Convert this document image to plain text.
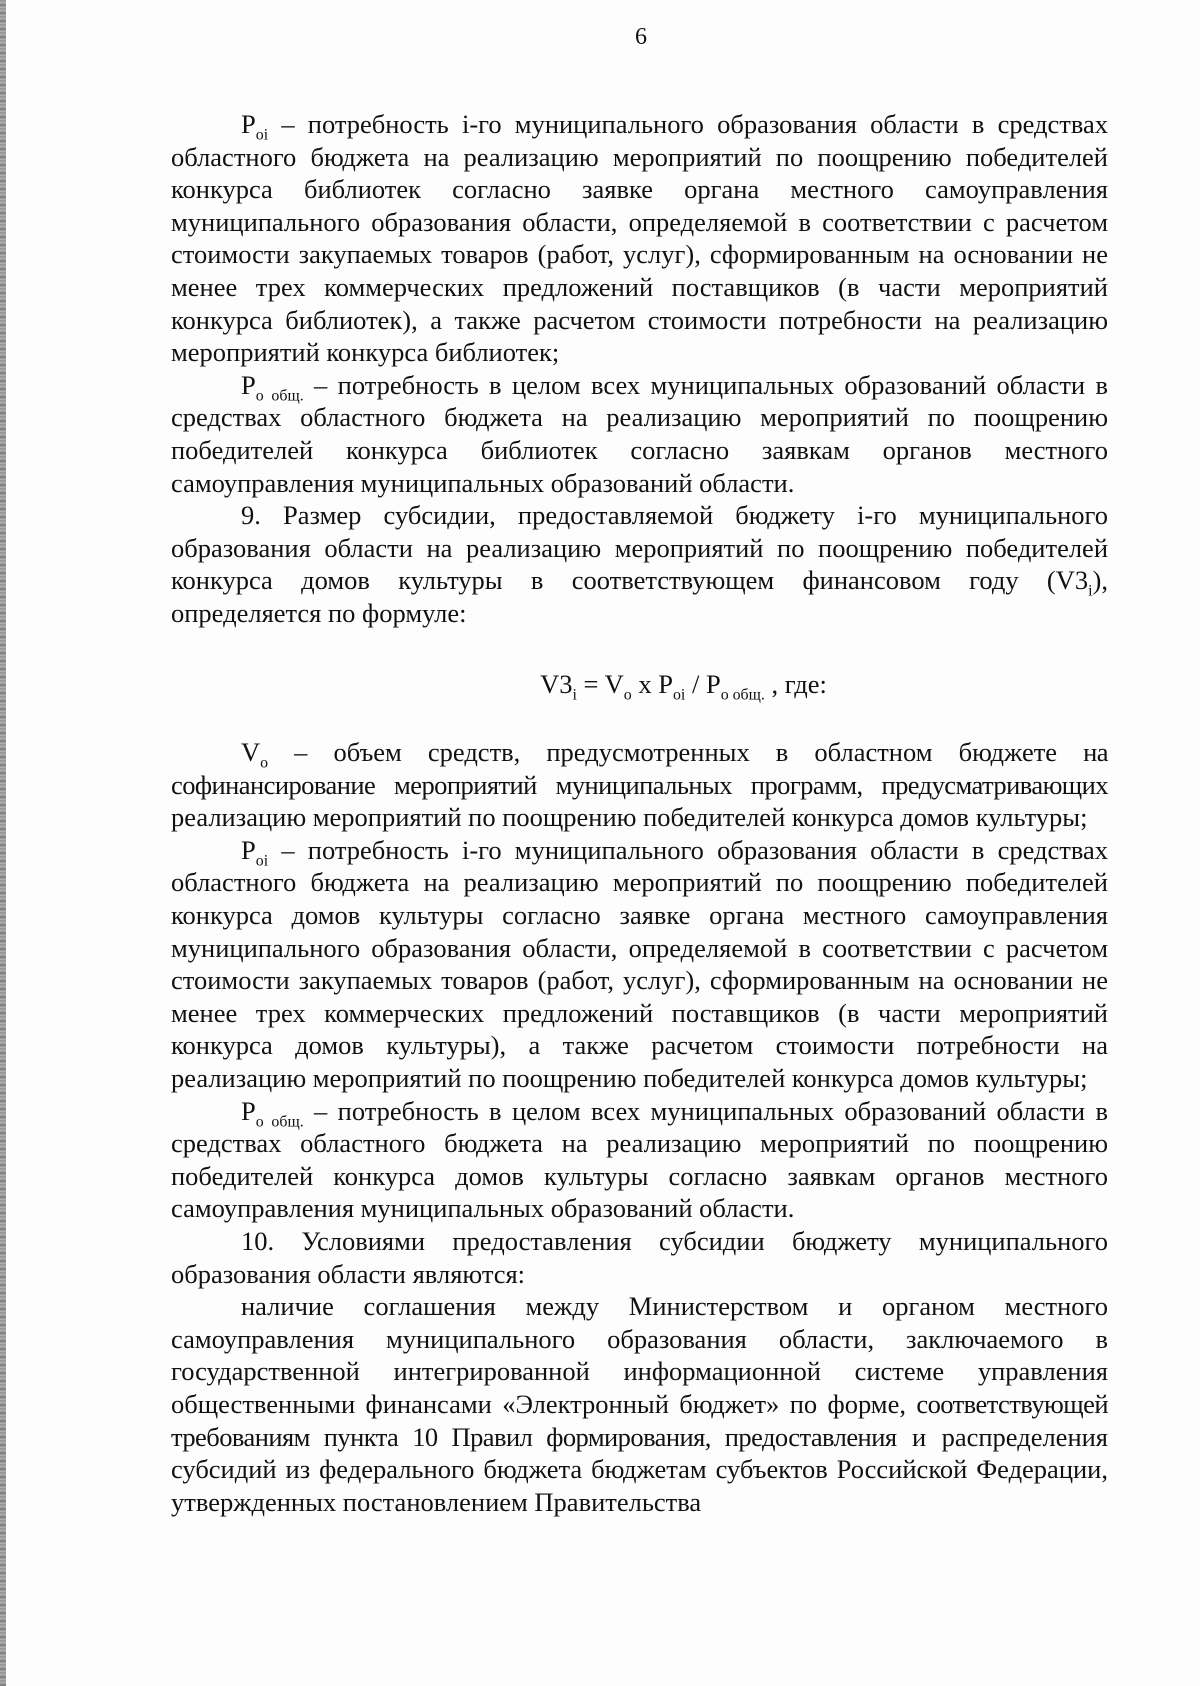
6

$P_{oi}$ – потребность i-го муниципального образования области в средствах областного бюджета на реализацию мероприятий по поощрению победителей конкурса библиотек согласно заявке органа местного самоуправления муниципального образования области, определяемой в соответствии с расчетом стоимости закупаемых товаров (работ, услуг), сформированным на основании не менее трех коммерческих предложений поставщиков (в части мероприятий конкурса библиотек), а также расчетом стоимости потребности на реализацию мероприятий конкурса библиотек;

$P_{о общ.}$ – потребность в целом всех муниципальных образований области в средствах областного бюджета на реализацию мероприятий по поощрению победителей конкурса библиотек согласно заявкам органов местного самоуправления муниципальных образований области.

9. Размер субсидии, предоставляемой бюджету i-го муниципального образования области на реализацию мероприятий по поощрению победителей конкурса домов культуры в соответствующем финансовом году $(V3_i)$, определяется по формуле:

$V3_i = V_o$ x $P_{oi} / P_{о общ.}$ , где:

$V_o$ – объем средств, предусмотренных в областном бюджете на софинансирование мероприятий муниципальных программ, предусматривающих реализацию мероприятий по поощрению победителей конкурса домов культуры;

$P_{oi}$ – потребность i-го муниципального образования области в средствах областного бюджета на реализацию мероприятий по поощрению победителей конкурса домов культуры согласно заявке органа местного самоуправления муниципального образования области, определяемой в соответствии с расчетом стоимости закупаемых товаров (работ, услуг), сформированным на основании не менее трех коммерческих предложений поставщиков (в части мероприятий конкурса домов культуры), а также расчетом стоимости потребности на реализацию мероприятий по поощрению победителей конкурса домов культуры;

$P_{о общ.}$ – потребность в целом всех муниципальных образований области в средствах областного бюджета на реализацию мероприятий по поощрению победителей конкурса домов культуры согласно заявкам органов местного самоуправления муниципальных образований области.

10. Условиями предоставления субсидии бюджету муниципального образования области являются:

наличие соглашения между Министерством и органом местного самоуправления муниципального образования области, заключаемого в государственной интегрированной информационной системе управления общественными финансами «Электронный бюджет» по форме, соответствующей требованиям пункта 10 Правил формирования, предоставления и распределения субсидий из федерального бюджета бюджетам субъектов Российской Федерации, утвержденных постановлением Правительства
